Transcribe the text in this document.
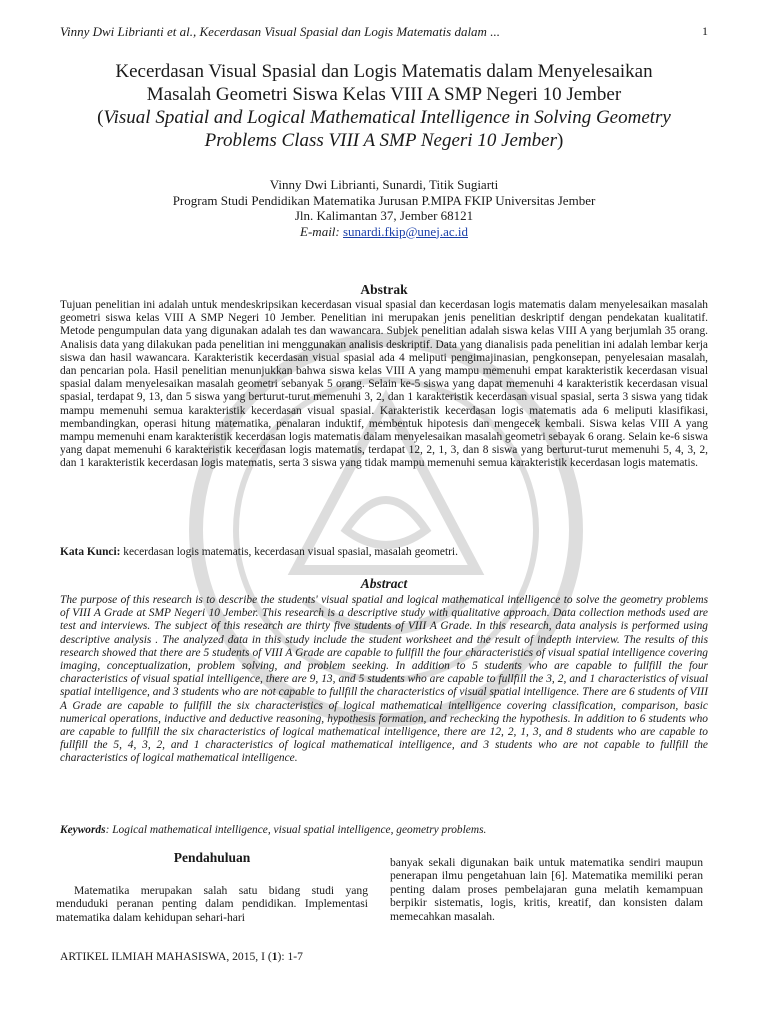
Vinny Dwi Librianti et al., Kecerdasan Visual Spasial dan Logis Matematis dalam ...	1
Kecerdasan Visual Spasial dan Logis Matematis dalam Menyelesaikan
Masalah Geometri Siswa Kelas VIII A SMP Negeri 10 Jember
(Visual Spatial and Logical Mathematical Intelligence in Solving Geometry
Problems Class VIII A SMP Negeri 10 Jember)
Vinny Dwi Librianti, Sunardi, Titik Sugiarti
Program Studi Pendidikan Matematika Jurusan P.MIPA FKIP Universitas Jember
Jln. Kalimantan 37, Jember 68121
E-mail: sunardi.fkip@unej.ac.id
Abstrak
Tujuan penelitian ini adalah untuk mendeskripsikan kecerdasan visual spasial dan kecerdasan logis matematis dalam menyelesaikan masalah geometri siswa kelas VIII A SMP Negeri 10 Jember. Penelitian ini merupakan jenis penelitian deskriptif dengan pendekatan kualitatif. Metode pengumpulan data yang digunakan adalah tes dan wawancara. Subjek penelitian adalah siswa kelas VIII A yang berjumlah 35 orang. Analisis data yang dilakukan pada penelitian ini menggunakan analisis deskriptif. Data yang dianalisis pada penelitian ini adalah lembar kerja siswa dan hasil wawancara. Karakteristik kecerdasan visual spasial ada 4 meliputi pengimajinasian, pengkonsepan, penyelesaian masalah, dan pencarian pola. Hasil penelitian menunjukkan bahwa siswa kelas VIII A yang mampu memenuhi empat karakteristik kecerdasan visual spasial dalam menyelesaikan masalah geometri sebanyak 5 orang. Selain ke-5 siswa yang dapat memenuhi 4 karakteristik kecerdasan visual spasial, terdapat 9, 13, dan 5 siswa yang berturut-turut memenuhi 3, 2, dan 1 karakteristik kecerdasan visual spasial, serta 3 siswa yang tidak mampu memenuhi semua karakteristik kecerdasan visual spasial. Karakteristik kecerdasan logis matematis ada 6 meliputi klasifikasi, membandingkan, operasi hitung matematika, penalaran induktif, membentuk hipotesis dan mengecek kembali. Siswa kelas VIII A yang mampu memenuhi enam karakteristik kecerdasan logis matematis dalam menyelesaikan masalah geometri sebayak 6 orang. Selain ke-6 siswa yang dapat memenuhi 6 karakteristik kecerdasan logis matematis, terdapat 12, 2, 1, 3, dan 8 siswa yang berturut-turut memenuhi 5, 4, 3, 2, dan 1 karakteristik kecerdasan logis matematis, serta 3 siswa yang tidak mampu memenuhi semua karakteristik kecerdasan logis matematis.
Kata Kunci: kecerdasan logis matematis, kecerdasan visual spasial, masalah geometri.
Abstract
The purpose of this research is to describe the students' visual spatial and logical mathematical intelligence to solve the geometry problems of VIII A Grade at SMP Negeri 10 Jember. This research is a descriptive study with qualitative approach. Data collection methods used are test and interviews. The subject of this research are thirty five students of VIII A Grade. In this research, data analysis is performed using descriptive analysis . The analyzed data in this study include the student worksheet and the result of indepth interview. The results of this research showed that there are 5 students of VIII A Grade are capable to fullfill the four characteristics of visual spatial intelligence covering imaging, conceptualization, problem solving, and problem seeking. In addition to 5 students who are capable to fullfill the four characteristics of visual spatial intelligence, there are 9, 13, and 5 students who are capable to fullfill the 3, 2, and 1 characteristics of visual spatial intelligence, and 3 students who are not capable to fullfill the characteristics of visual spatial intelligence. There are 6 students of VIII A Grade are capable to fullfill the six characteristics of logical mathematical intelligence covering classification, comparison, basic numerical operations, inductive and deductive reasoning, hypothesis formation, and rechecking the hypothesis. In addition to 6 students who are capable to fullfill the six characteristics of logical mathematical intelligence, there are 12, 2, 1, 3, and 8 students who are capable to fullfill the 5, 4, 3, 2, and 1 characteristics of logical mathematical intelligence, and 3 students who are not capable to fullfill the characteristics of logical mathematical intelligence.
Keywords: Logical mathematical intelligence, visual spatial intelligence, geometry problems.
Pendahuluan

Matematika merupakan salah satu bidang studi yang menduduki peranan penting dalam pendidikan. Implementasi matematika dalam kehidupan sehari-hari

banyak sekali digunakan baik untuk matematika sendiri maupun penerapan ilmu pengetahuan lain [6]. Matematika memiliki peran penting dalam proses pembelajaran guna melatih kemampuan berpikir sistematis, logis, kritis, kreatif, dan konsisten dalam memecahkan masalah.

ARTIKEL ILMIAH MAHASISWA, 2015, I (1): 1-7
